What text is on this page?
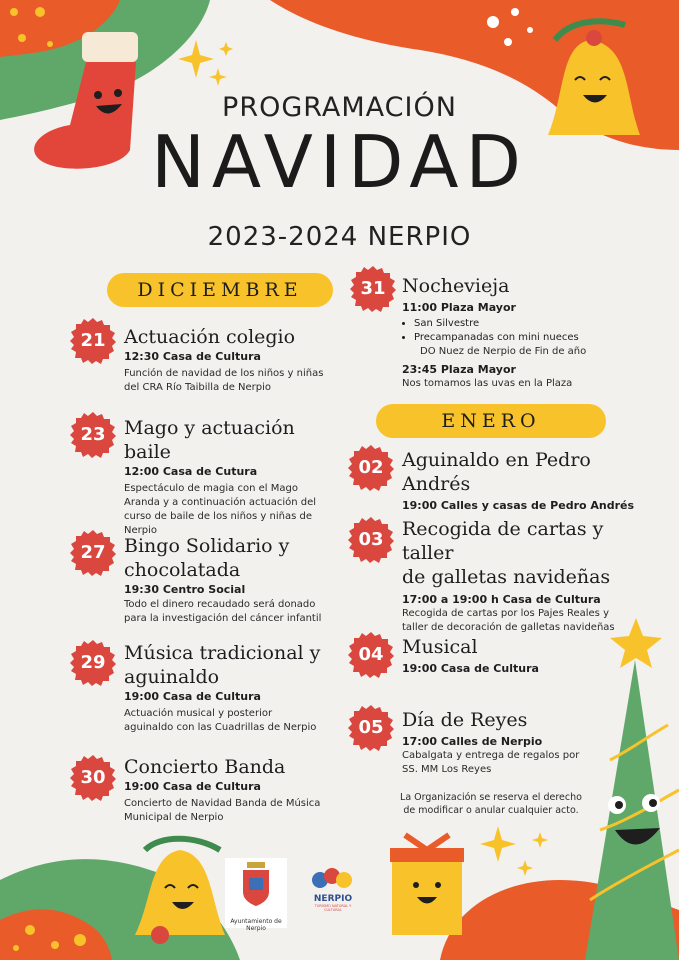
PROGRAMACIÓN
NAVIDAD
2023-2024 NERPIO
DICIEMBRE
ENERO
21 Actuación colegio
12:30 Casa de Cultura
Función de navidad de los niños y niñas del CRA Río Taibilla de Nerpio
23 Mago y actuación baile
12:00 Casa de Cutura
Espectáculo de magia con el Mago Aranda y a continuación actuación del curso de baile de los niños y niñas de Nerpio
27 Bingo Solidario y
chocolatada
19:30 Centro Social
Todo el dinero recaudado será donado para la investigación del cáncer infantil
29 Música tradicional y
aguinaldo
19:00 Casa de Cultura
Actuación musical y posterior aguinaldo con las Cuadrillas de Nerpio
30 Concierto Banda
19:00 Casa de Cultura
Concierto de Navidad Banda de Música Municipal de Nerpio
31 Nochevieja
11:00 Plaza Mayor
• San Silvestre
• Precampanadas con mini nueces
DO Nuez de Nerpio de Fin de año
23:45 Plaza Mayor
Nos tomamos las uvas en la Plaza
02 Aguinaldo en Pedro Andrés
19:00 Calles y casas de Pedro Andrés
03 Recogida de cartas y taller
de galletas navideñas
17:00 a 19:00 h Casa de Cultura
Recogida de cartas por los Pajes Reales y taller de decoración de galletas navideñas
04 Musical
19:00 Casa de Cultura
05 Día de Reyes
17:00 Calles de Nerpio
Cabalgata y entrega de regalos por SS. MM Los Reyes
La Organización se reserva el derecho de modificar o anular cualquier acto.
Ayuntamiento de Nerpio
NERPIO
TURISMO NATURAL Y CULTURAL
